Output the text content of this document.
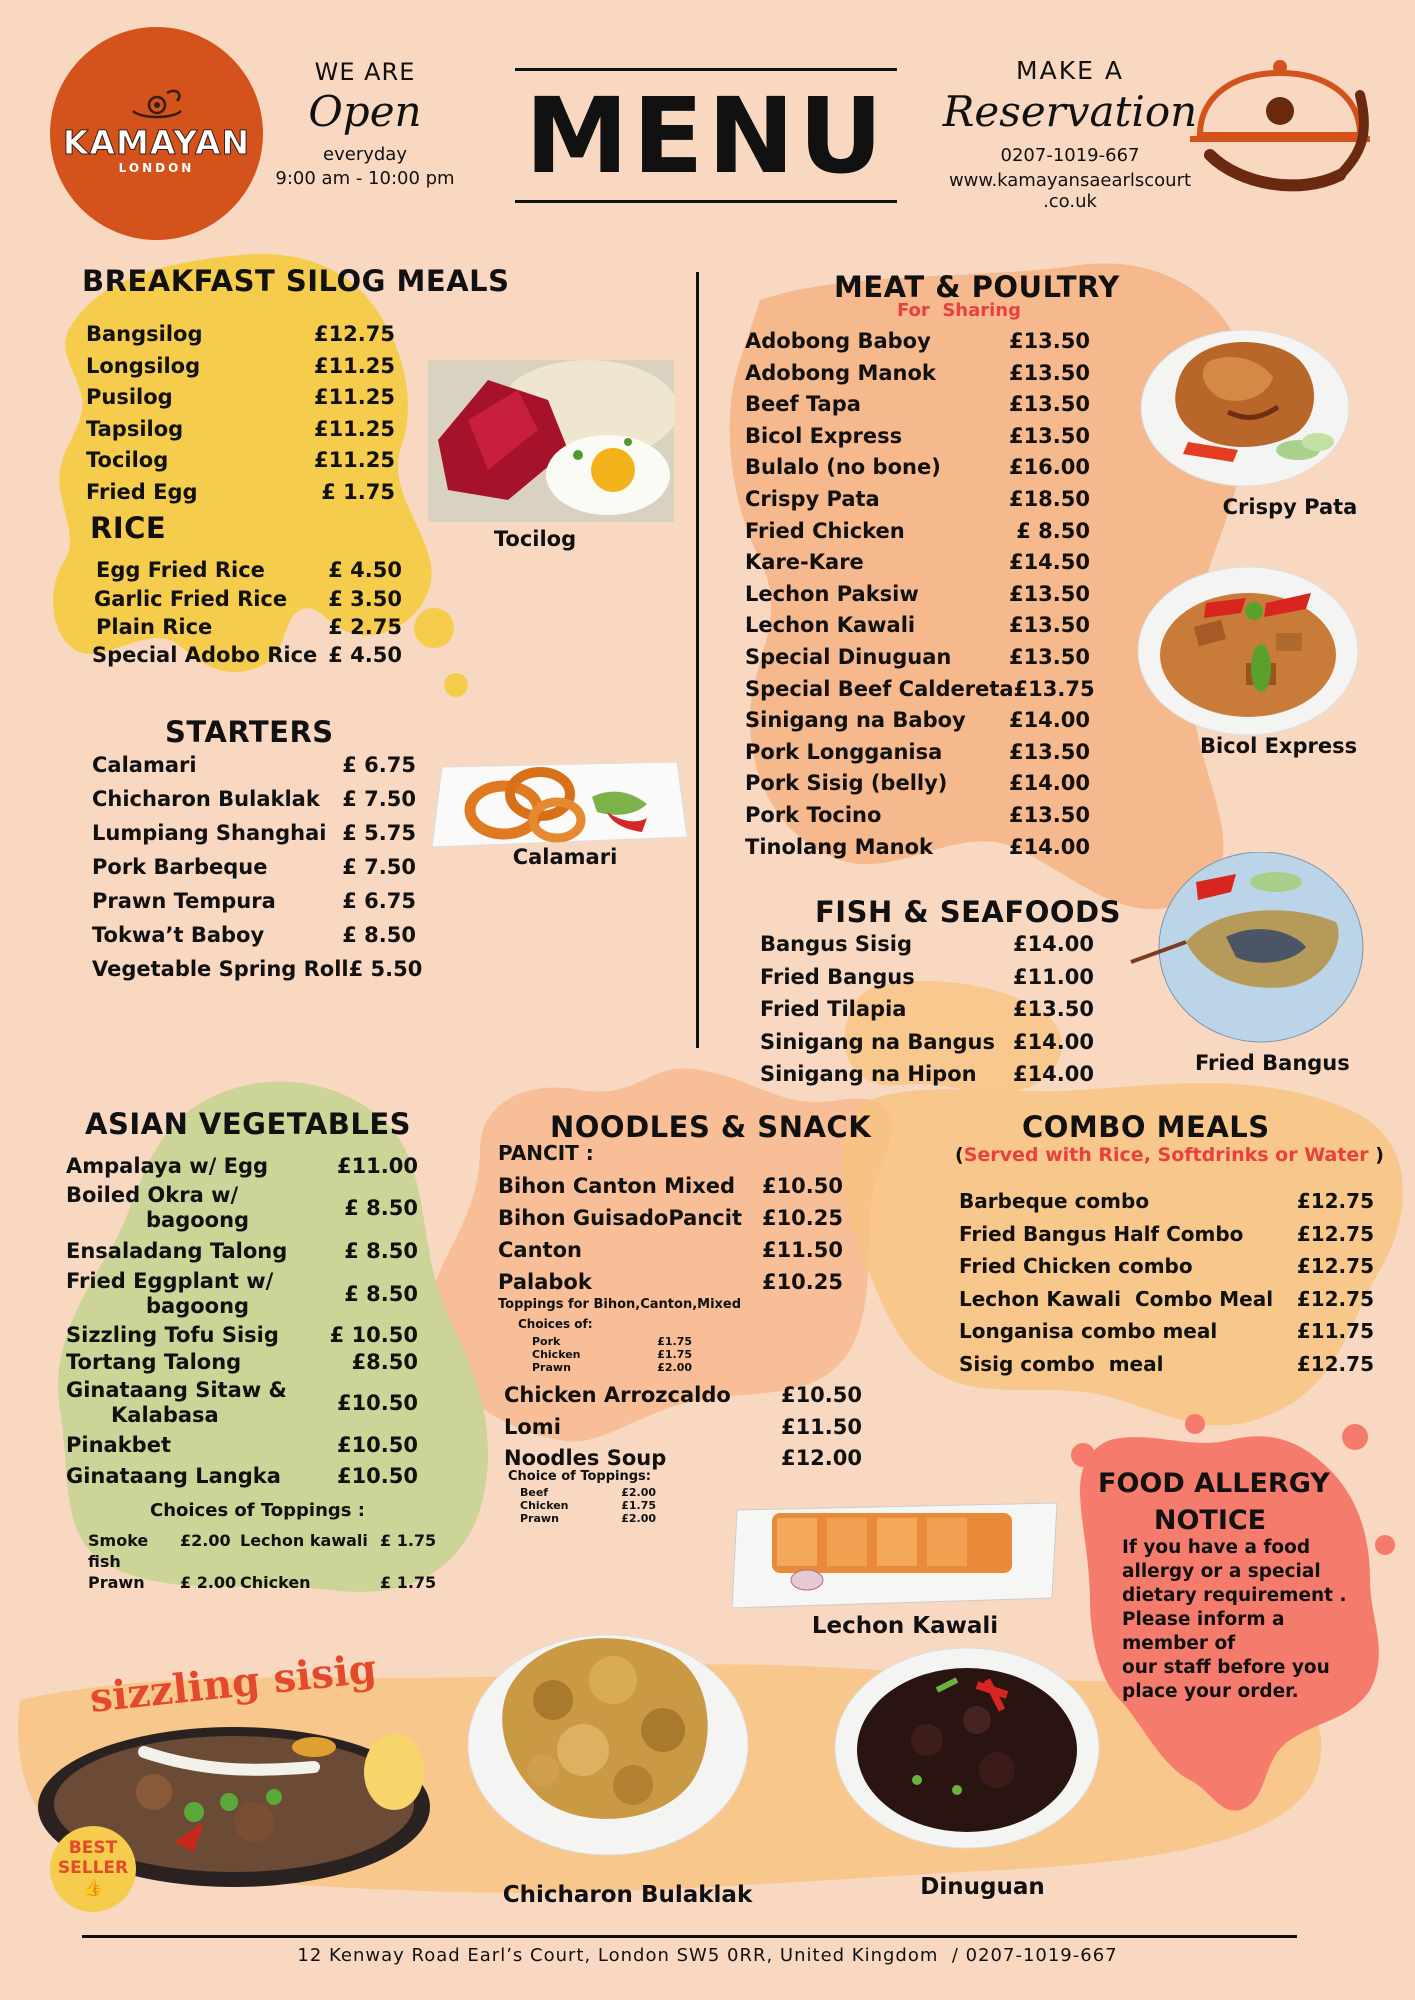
KAMAYAN
LONDON
WE ARE
Open
everyday
9:00 am - 10:00 pm MENU
MAKE A
Reservation
0207-1019-667
www.kamayansaearlscourt
.co.uk
BREAKFAST SILOG MEALS
Bangsilog	£12.75
Longsilog	£11.25
Pusilog	£11.25
Tapsilog	£11.25
Tocilog	£11.25
Fried Egg	£ 1.75
Tocilog
RICE
Egg Fried Rice	£ 4.50
Garlic Fried Rice £ 3.50
Plain Rice	£ 2.75
Special Adobo Rice £ 4.50
STARTERS
Calamari	£ 6.75
Chicharon Bulaklak £ 7.50
Lumpiang Shanghai £ 5.75
Pork Barbeque	£ 7.50
Prawn Tempura	£ 6.75
Tokwa’t Baboy	£ 8.50
Vegetable Spring Roll £ 5.50
Calamari
MEAT & POULTRY
For  Sharing
Adobong Baboy	£13.50
Adobong Manok	£13.50
Beef Tapa	£13.50
Bicol Express	£13.50
Bulalo (no bone)	£16.00
Crispy Pata	£18.50
Fried Chicken	£ 8.50
Kare-Kare	£14.50
Lechon Paksiw	£13.50
Lechon Kawali	£13.50
Special Dinuguan	£13.50
Special Beef Caldereta £13.75
Sinigang na Baboy £14.00
Pork Longganisa	£13.50
Pork Sisig (belly)	£14.00
Pork Tocino	£13.50
Tinolang Manok	£14.00
Crispy Pata
Bicol Express
FISH & SEAFOODS
Bangus Sisig	£14.00
Fried Bangus	£11.00
Fried Tilapia	£13.50
Sinigang na Bangus £14.00
Sinigang na Hipon £14.00	Fried Bangus
ASIAN VEGETABLES
Ampalaya w/ Egg	£11.00
Boiled Okra w/
bagoong
£ 8.50
Ensaladang Talong	£ 8.50
Fried Eggplant w/
bagoong
£ 8.50
Sizzling Tofu Sisig £ 10.50
Tortang Talong	£8.50
Ginataang Sitaw &
Kalabasa
£10.50
Pinakbet	£10.50
Ginataang Langka	£10.50
Choices of Toppings :
Smoke fish
£2.00 Lechon kawali £ 1.75
Prawn	£ 2.00 Chicken	£ 1.75
NOODLES & SNACK
PANCIT :
Bihon Canton Mixed £10.50
Bihon GuisadoPancit £10.25
Canton	£11.50
Palabok	£10.25
Toppings for Bihon,Canton,Mixed
Choices of:
Pork	£1.75
Chicken	£1.75
Prawn	£2.00
Chicken Arrozcaldo £10.50
Lomi	£11.50
Noodles Soup	£12.00
Choice of Toppings:
Beef	£2.00
Chicken	£1.75
Prawn	£2.00
COMBO MEALS
(Served with Rice, Softdrinks or Water )
Barbeque combo	£12.75
Fried Bangus Half Combo	£12.75
Fried Chicken combo	£12.75
Lechon Kawali  Combo Meal £12.75
Longanisa combo meal	£11.75
Sisig combo  meal	£12.75
FOOD ALLERGY
NOTICE
If you have a food
allergy or a special
dietary requirement .
Please inform a
member of
our staff before you
place your order.
Lechon Kawali
sizzling sisig
BEST
SELLER
👍	Chicharon Bulaklak	Dinuguan
12 Kenway Road Earl’s Court, London SW5 0RR, United Kingdom  / 0207-1019-667
